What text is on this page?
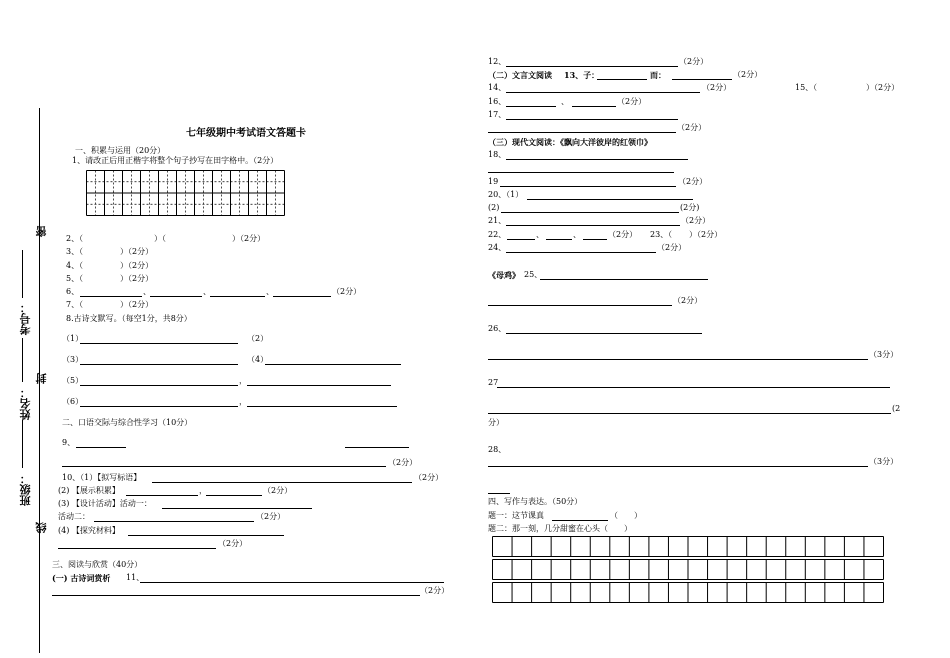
密
封
线
考号：
姓名：
班级：
七年级期中考试语文答题卡
一、积累与运用（20分）
1、请改正后用正楷字将整个句子抄写在田字格中。（2分）
2、（	）（	）（2分）
3、（	）（2分）
4、（	）（2分）
5、（	）（2分）
6、	、	、	、	（2分）
7、（	）（2分）
8.古诗文默写。（每空1分，共8分）
（1）	（2）
（3）	（4）
（5）	，
（6）	，
二、口语交际与综合性学习（10分）
9、
（2分）
10、（1）【拟写标语】	（2分）
(2) 【展示积累】	，	（2分）
(3) 【设计活动】活动一：
活动二：	（2分）
(4) 【探究材料】
（2分）
三、阅读与欣赏（40分）
(一) 古诗词赏析 11、
（2分）
12、	（2分）
（二）文言文阅读 13、子：	而：	（2分）
14、	（2分）	15、（	）（2分）
16、	、	（2分）
17、
（2分）
（三）现代文阅读：《飘向大洋彼岸的红领巾》
18、
19	（2分）
20、（1）
(2)	(2分)
21、	（2分）
22、	、	、	（2分） 23、（ ）（2分）
24、	（2分）
《母鸡》 25、
（2分）
26、
（3分）
27
(2
分）
28、
（3分）
四、写作与表达。（50分）
题一：这节课真	（　　）
题二：那一刻，几分甜蜜在心头（　　）
